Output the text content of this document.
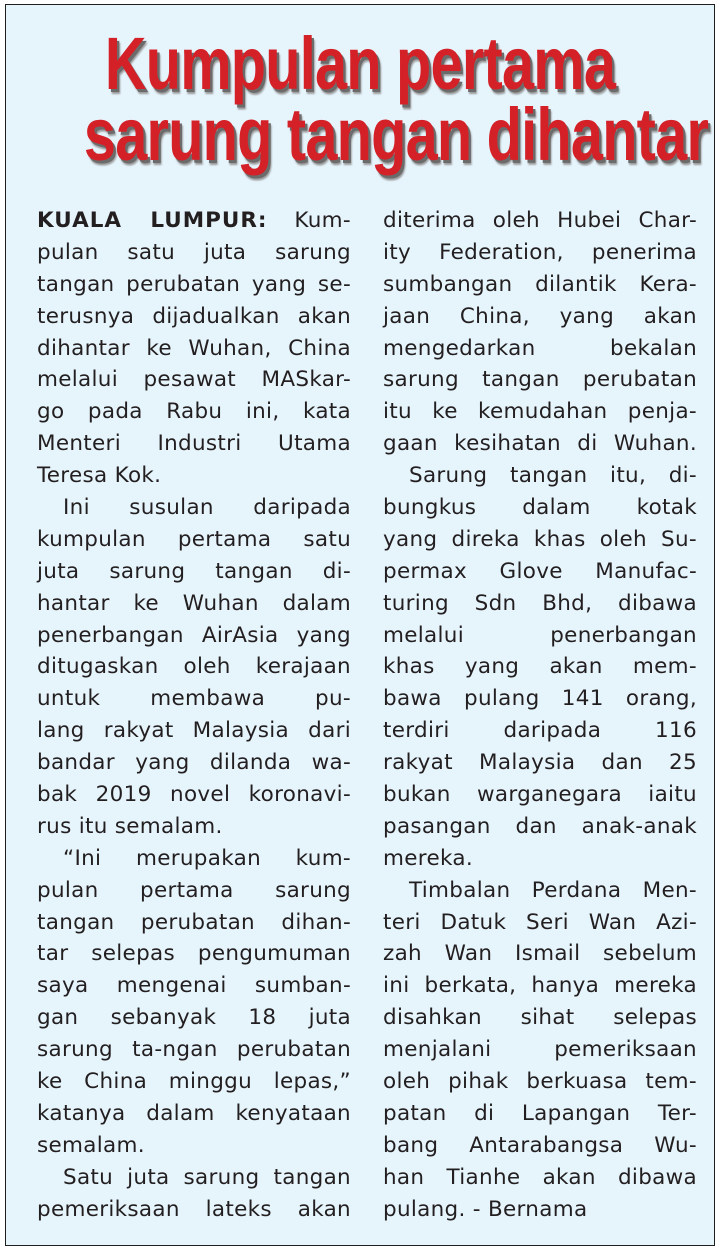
Kumpulan pertama
sarung tangan dihantar
KUALA LUMPUR: Kum-
pulan satu juta sarung
tangan perubatan yang se-
terusnya dijadualkan akan
dihantar ke Wuhan, China
melalui pesawat MASkar-
go pada Rabu ini, kata
Menteri Industri Utama
Teresa Kok.
Ini susulan daripada
kumpulan pertama satu
juta sarung tangan di-
hantar ke Wuhan dalam
penerbangan AirAsia yang
ditugaskan oleh kerajaan
untuk membawa pu-
lang rakyat Malaysia dari
bandar yang dilanda wa-
bak 2019 novel koronavi-
rus itu semalam.
“Ini merupakan kum-
pulan pertama sarung
tangan perubatan dihan-
tar selepas pengumuman
saya mengenai sumban-
gan sebanyak 18 juta
sarung ta-ngan perubatan
ke China minggu lepas,”
katanya dalam kenyataan
semalam.
Satu juta sarung tangan
pemeriksaan lateks akan
diterima oleh Hubei Char-
ity Federation, penerima
sumbangan dilantik Kera-
jaan China, yang akan
mengedarkan bekalan
sarung tangan perubatan
itu ke kemudahan penja-
gaan kesihatan di Wuhan.
Sarung tangan itu, di-
bungkus dalam kotak
yang direka khas oleh Su-
permax Glove Manufac-
turing Sdn Bhd, dibawa
melalui penerbangan
khas yang akan mem-
bawa pulang 141 orang,
terdiri daripada 116
rakyat Malaysia dan 25
bukan warganegara iaitu
pasangan dan anak-anak
mereka.
Timbalan Perdana Men-
teri Datuk Seri Wan Azi-
zah Wan Ismail sebelum
ini berkata, hanya mereka
disahkan sihat selepas
menjalani pemeriksaan
oleh pihak berkuasa tem-
patan di Lapangan Ter-
bang Antarabangsa Wu-
han Tianhe akan dibawa
pulang. - Bernama
